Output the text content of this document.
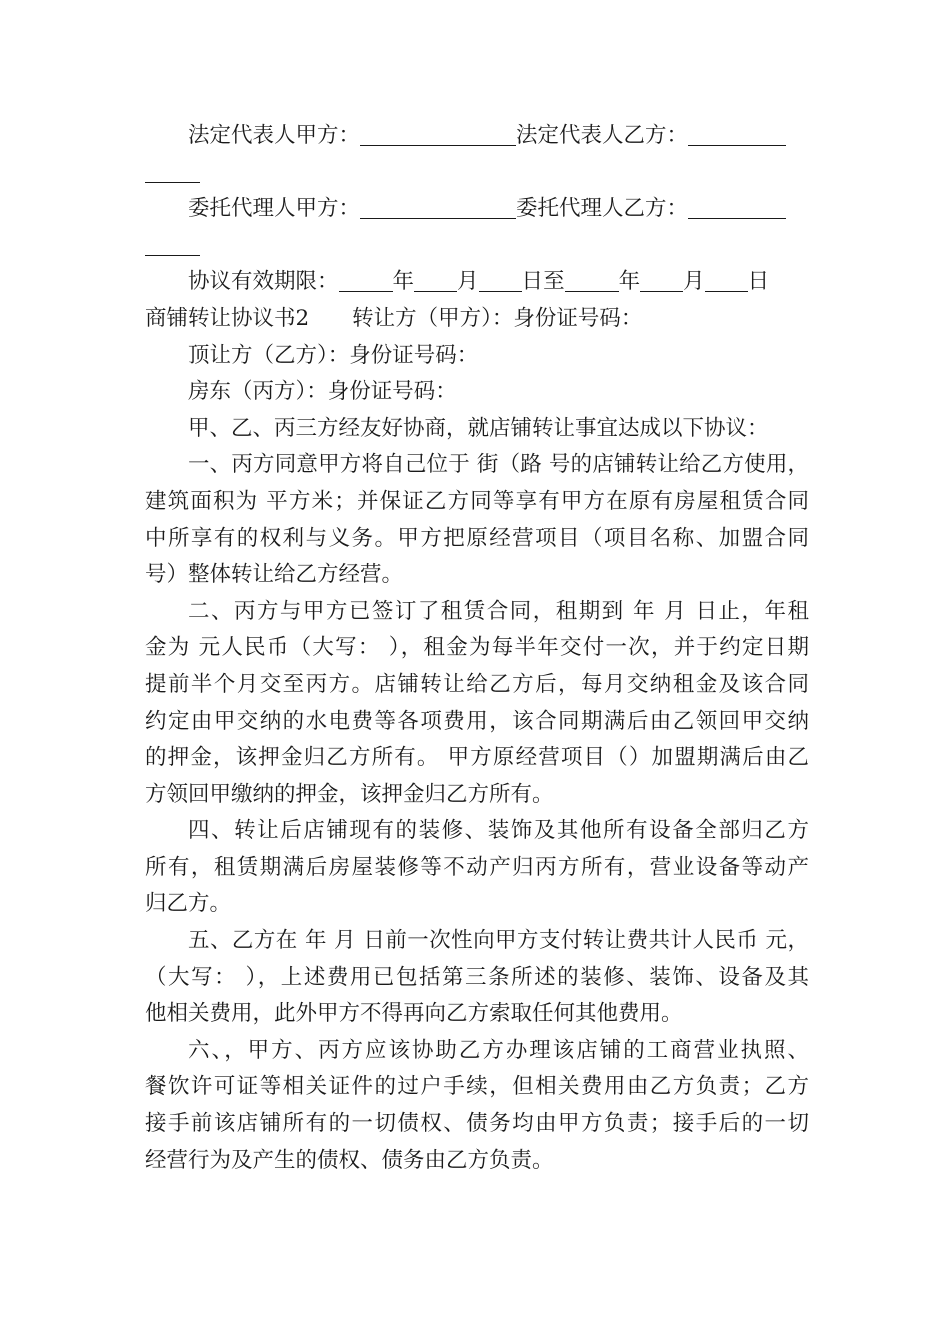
法定代表人甲方：	法定代表人乙方：
委托代理人甲方：	委托代理人乙方：
协议有效期限：	年 月 日至	年 月 日
商铺转让协议书2　　转让方（甲方）：身份证号码：
顶让方（乙方）：身份证号码：
房东（丙方）：身份证号码：
甲、乙、丙三方经友好协商，就店铺转让事宜达成以下协议：
一、丙方同意甲方将自己位于 街（路 号的店铺转让给乙方使用，
建筑面积为 平方米；并保证乙方同等享有甲方在原有房屋租赁合同
中所享有的权利与义务。甲方把原经营项目（项目名称、加盟合同
号）整体转让给乙方经营。
二、丙方与甲方已签订了租赁合同，租期到 年 月 日止，年租
金为 元人民币（大写： ），租金为每半年交付一次，并于约定日期
提前半个月交至丙方。店铺转让给乙方后，每月交纳租金及该合同
约定由甲交纳的水电费等各项费用，该合同期满后由乙领回甲交纳
的押金，该押金归乙方所有。 甲方原经营项目（）加盟期满后由乙
方领回甲缴纳的押金，该押金归乙方所有。
四、转让后店铺现有的装修、装饰及其他所有设备全部归乙方
所有，租赁期满后房屋装修等不动产归丙方所有，营业设备等动产
归乙方。
五、乙方在 年 月 日前一次性向甲方支付转让费共计人民币 元，
（大写： ），上述费用已包括第三条所述的装修、装饰、设备及其
他相关费用，此外甲方不得再向乙方索取任何其他费用。
六、，甲方、丙方应该协助乙方办理该店铺的工商营业执照、
餐饮许可证等相关证件的过户手续，但相关费用由乙方负责；乙方
接手前该店铺所有的一切债权、债务均由甲方负责；接手后的一切
经营行为及产生的债权、债务由乙方负责。
